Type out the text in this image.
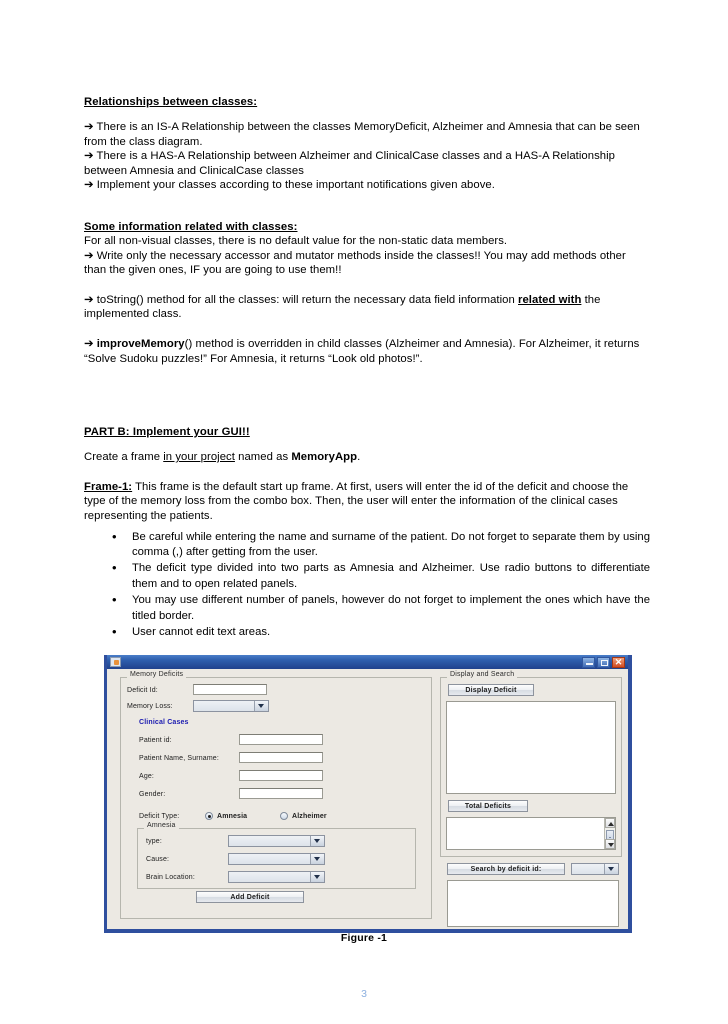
Relationships between classes:

➔ There is an IS-A Relationship between the classes MemoryDeficit, Alzheimer and Amnesia that can be seen from the class diagram.

➔ There is a HAS-A Relationship between Alzheimer and ClinicalCase classes and a HAS-A Relationship between Amnesia and ClinicalCase classes

➔ Implement your classes according to these important notifications given above.

Some information related with classes:

For all non-visual classes, there is no default value for the non-static data members.

➔ Write only the necessary accessor and mutator methods inside the classes!! You may add methods other than the given ones, IF you are going to use them!!

➔ toString() method for all the classes: will return the necessary data field information related with the implemented class.

➔ improveMemory() method is overridden in child classes (Alzheimer and Amnesia). For Alzheimer, it returns “Solve Sudoku puzzles!” For Amnesia, it returns “Look old photos!”.

PART B: Implement your GUI!!

Create a frame in your project named as MemoryApp.

Frame-1: This frame is the default start up frame. At first, users will enter the id of the deficit and choose the type of the memory loss from the combo box. Then, the user will enter the information of the clinical cases representing the patients.

• Be careful while entering the name and surname of the patient. Do not forget to separate them by using comma (,) after getting from the user.
• The deficit type divided into two parts as Amnesia and Alzheimer. Use radio buttons to differentiate them and to open related panels.
• You may use different number of panels, however do not forget to implement the ones which have the titled border.
• User cannot edit text areas.
✕
Memory Deficits
Deficit Id:
Memory Loss:
Clinical Cases
Patient id:
Patient Name, Surname:
Age:
Gender:
Deficit Type:	Amnesia	Alzheimer
Amnesia
type:
Cause:
Brain Location:
Add Deficit
Display and Search
Display Deficit
Total Deficits
Search by deficit id:
Figure -1
3
